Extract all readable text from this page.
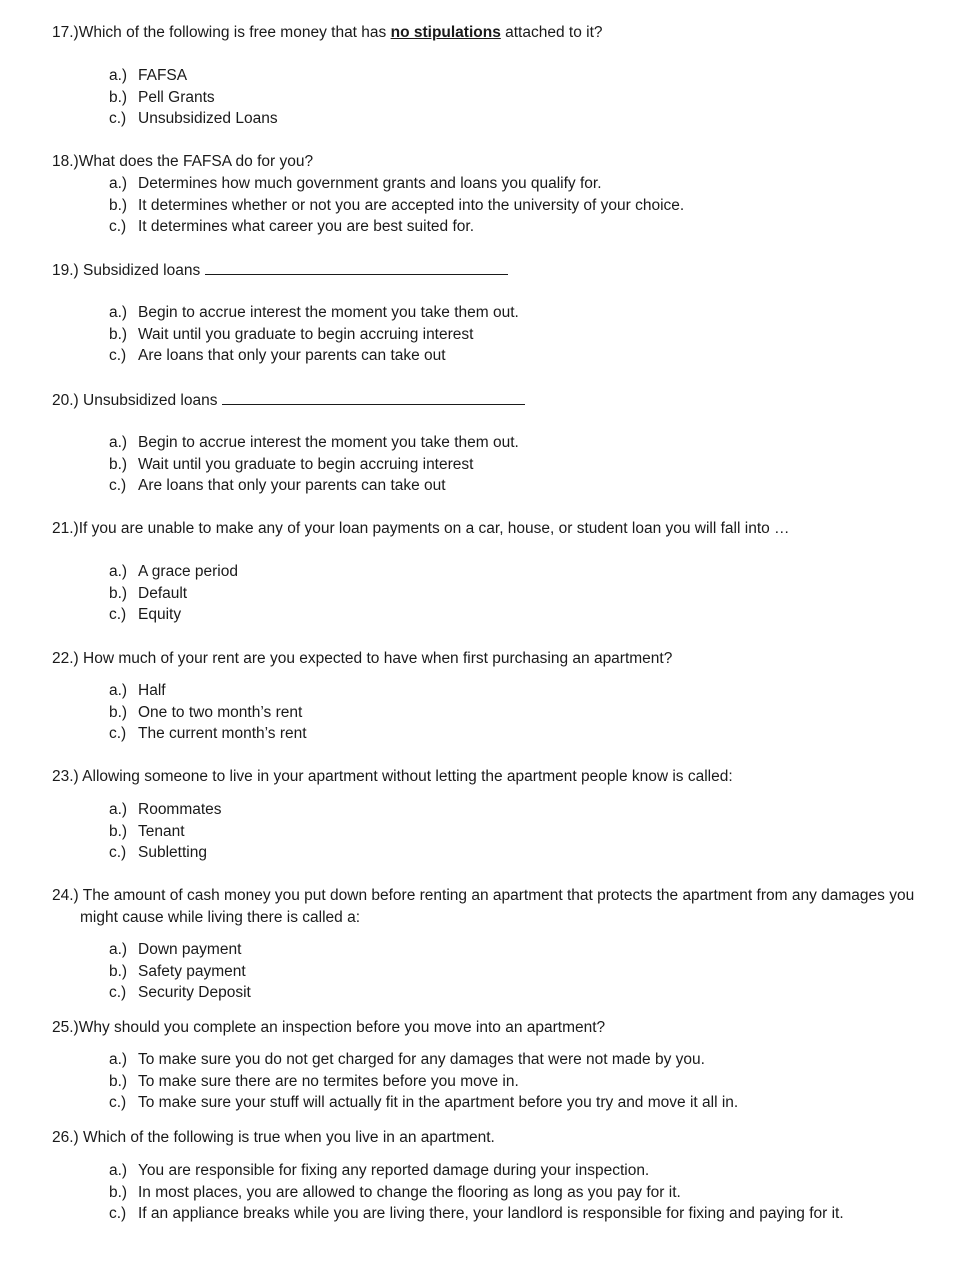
17.)Which of the following is free money that has no stipulations attached to it?
a.) FAFSA
b.) Pell Grants
c.) Unsubsidized Loans
18.)What does the FAFSA do for you?
a.) Determines how much government grants and loans you qualify for.
b.) It determines whether or not you are accepted into the university of your choice.
c.) It determines what career you are best suited for.
19.) Subsidized loans
a.) Begin to accrue interest the moment you take them out.
b.) Wait until you graduate to begin accruing interest
c.) Are loans that only your parents can take out
20.) Unsubsidized loans
a.) Begin to accrue interest the moment you take them out.
b.) Wait until you graduate to begin accruing interest
c.) Are loans that only your parents can take out
21.)If you are unable to make any of your loan payments on a car, house, or student loan you will fall into …
a.) A grace period
b.) Default
c.) Equity
22.) How much of your rent are you expected to have when first purchasing an apartment?
a.) Half
b.) One to two month’s rent
c.) The current month’s rent
23.) Allowing someone to live in your apartment without letting the apartment people know is called:
a.) Roommates
b.) Tenant
c.) Subletting
24.) The amount of cash money you put down before renting an apartment that protects the apartment from any damages you
might cause while living there is called a:
a.) Down payment
b.) Safety payment
c.) Security Deposit
25.)Why should you complete an inspection before you move into an apartment?
a.) To make sure you do not get charged for any damages that were not made by you.
b.) To make sure there are no termites before you move in.
c.) To make sure your stuff will actually fit in the apartment before you try and move it all in.
26.) Which of the following is true when you live in an apartment.
a.) You are responsible for fixing any reported damage during your inspection.
b.) In most places, you are allowed to change the flooring as long as you pay for it.
c.) If an appliance breaks while you are living there, your landlord is responsible for fixing and paying for it.
